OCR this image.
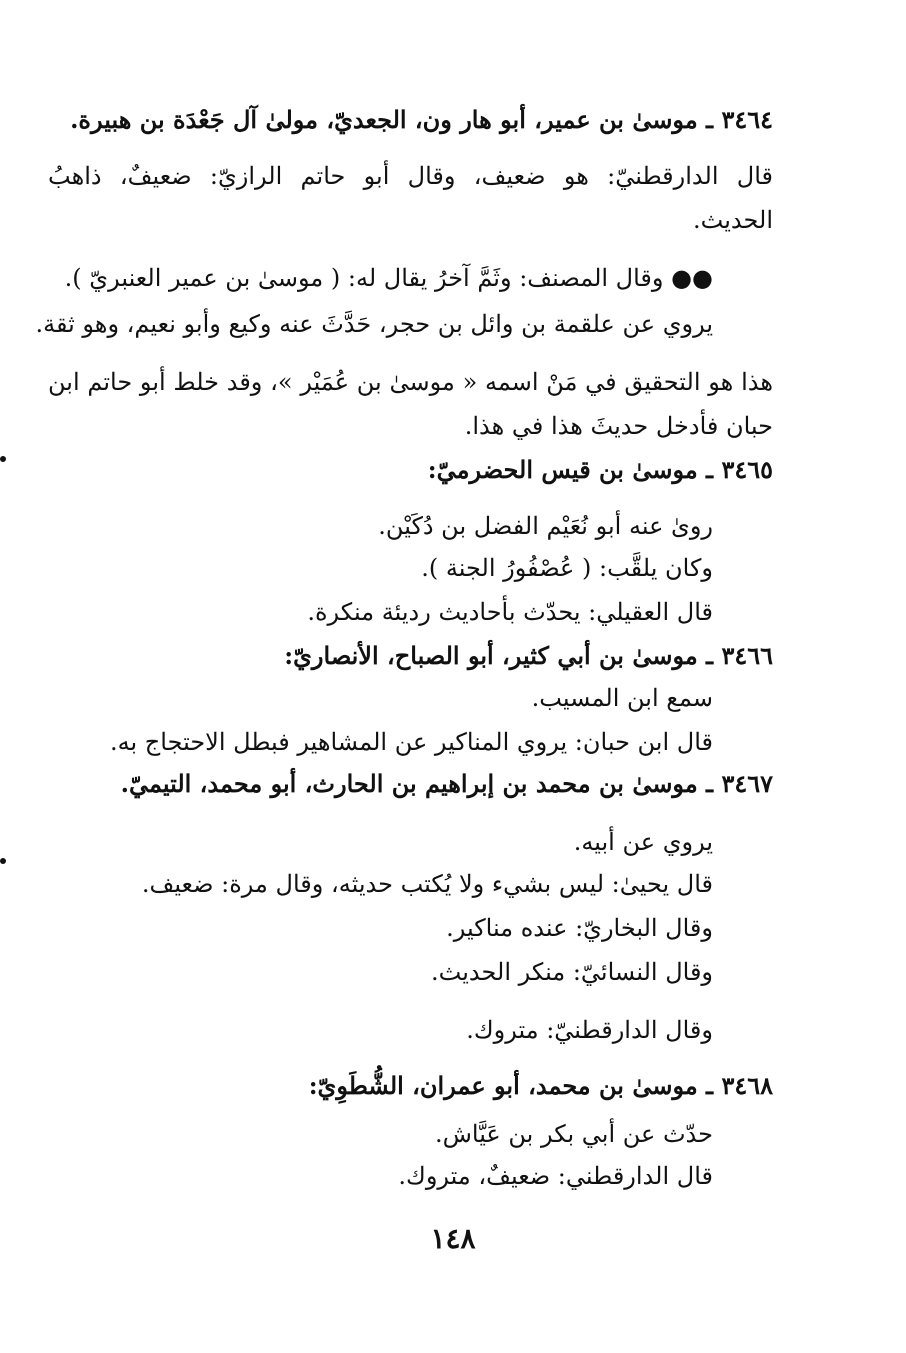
٣٤٦٤ ـ موسىٰ بن عمير، أبو هار ون، الجعديّ، مولىٰ آل جَعْدَة بن هبيرة.
قال الدارقطنيّ: هو ضعيف، وقال أبو حاتم الرازيّ: ضعيفٌ، ذاهبُ
الحديث.
●● وقال المصنف: وثَمَّ آخرُ يقال له: ( موسىٰ بن عمير العنبريّ ).
يروي عن علقمة بن وائل بن حجر، حَدَّثَ عنه وكيع وأبو نعيم، وهو ثقة.
هذا هو التحقيق في مَنْ اسمه « موسىٰ بن عُمَيْر »، وقد خلط أبو حاتم ابن
حبان فأدخل حديثَ هذا في هذا.
٣٤٦٥ ـ موسىٰ بن قيس الحضرميّ:
روىٰ عنه أبو نُعَيْم الفضل بن دُكَيْن.
وكان يلقَّب: ( عُصْفُورُ الجنة ).
قال العقيلي: يحدّث بأحاديث رديئة منكرة.
٣٤٦٦ ـ موسىٰ بن أبي كثير، أبو الصباح، الأنصاريّ:
سمع ابن المسيب.
قال ابن حبان: يروي المناكير عن المشاهير فبطل الاحتجاج به.
٣٤٦٧ ـ موسىٰ بن محمد بن إبراهيم بن الحارث، أبو محمد، التيميّ.
يروي عن أبيه.
قال يحيىٰ: ليس بشيء ولا يُكتب حديثه، وقال مرة: ضعيف.
وقال البخاريّ: عنده مناكير.
وقال النسائيّ: منكر الحديث.
وقال الدارقطنيّ: متروك.
٣٤٦٨ ـ موسىٰ بن محمد، أبو عمران، الشُّطَوِيّ:
حدّث عن أبي بكر بن عَيَّاش.
قال الدارقطني: ضعيفٌ، متروك.
١٤٨
